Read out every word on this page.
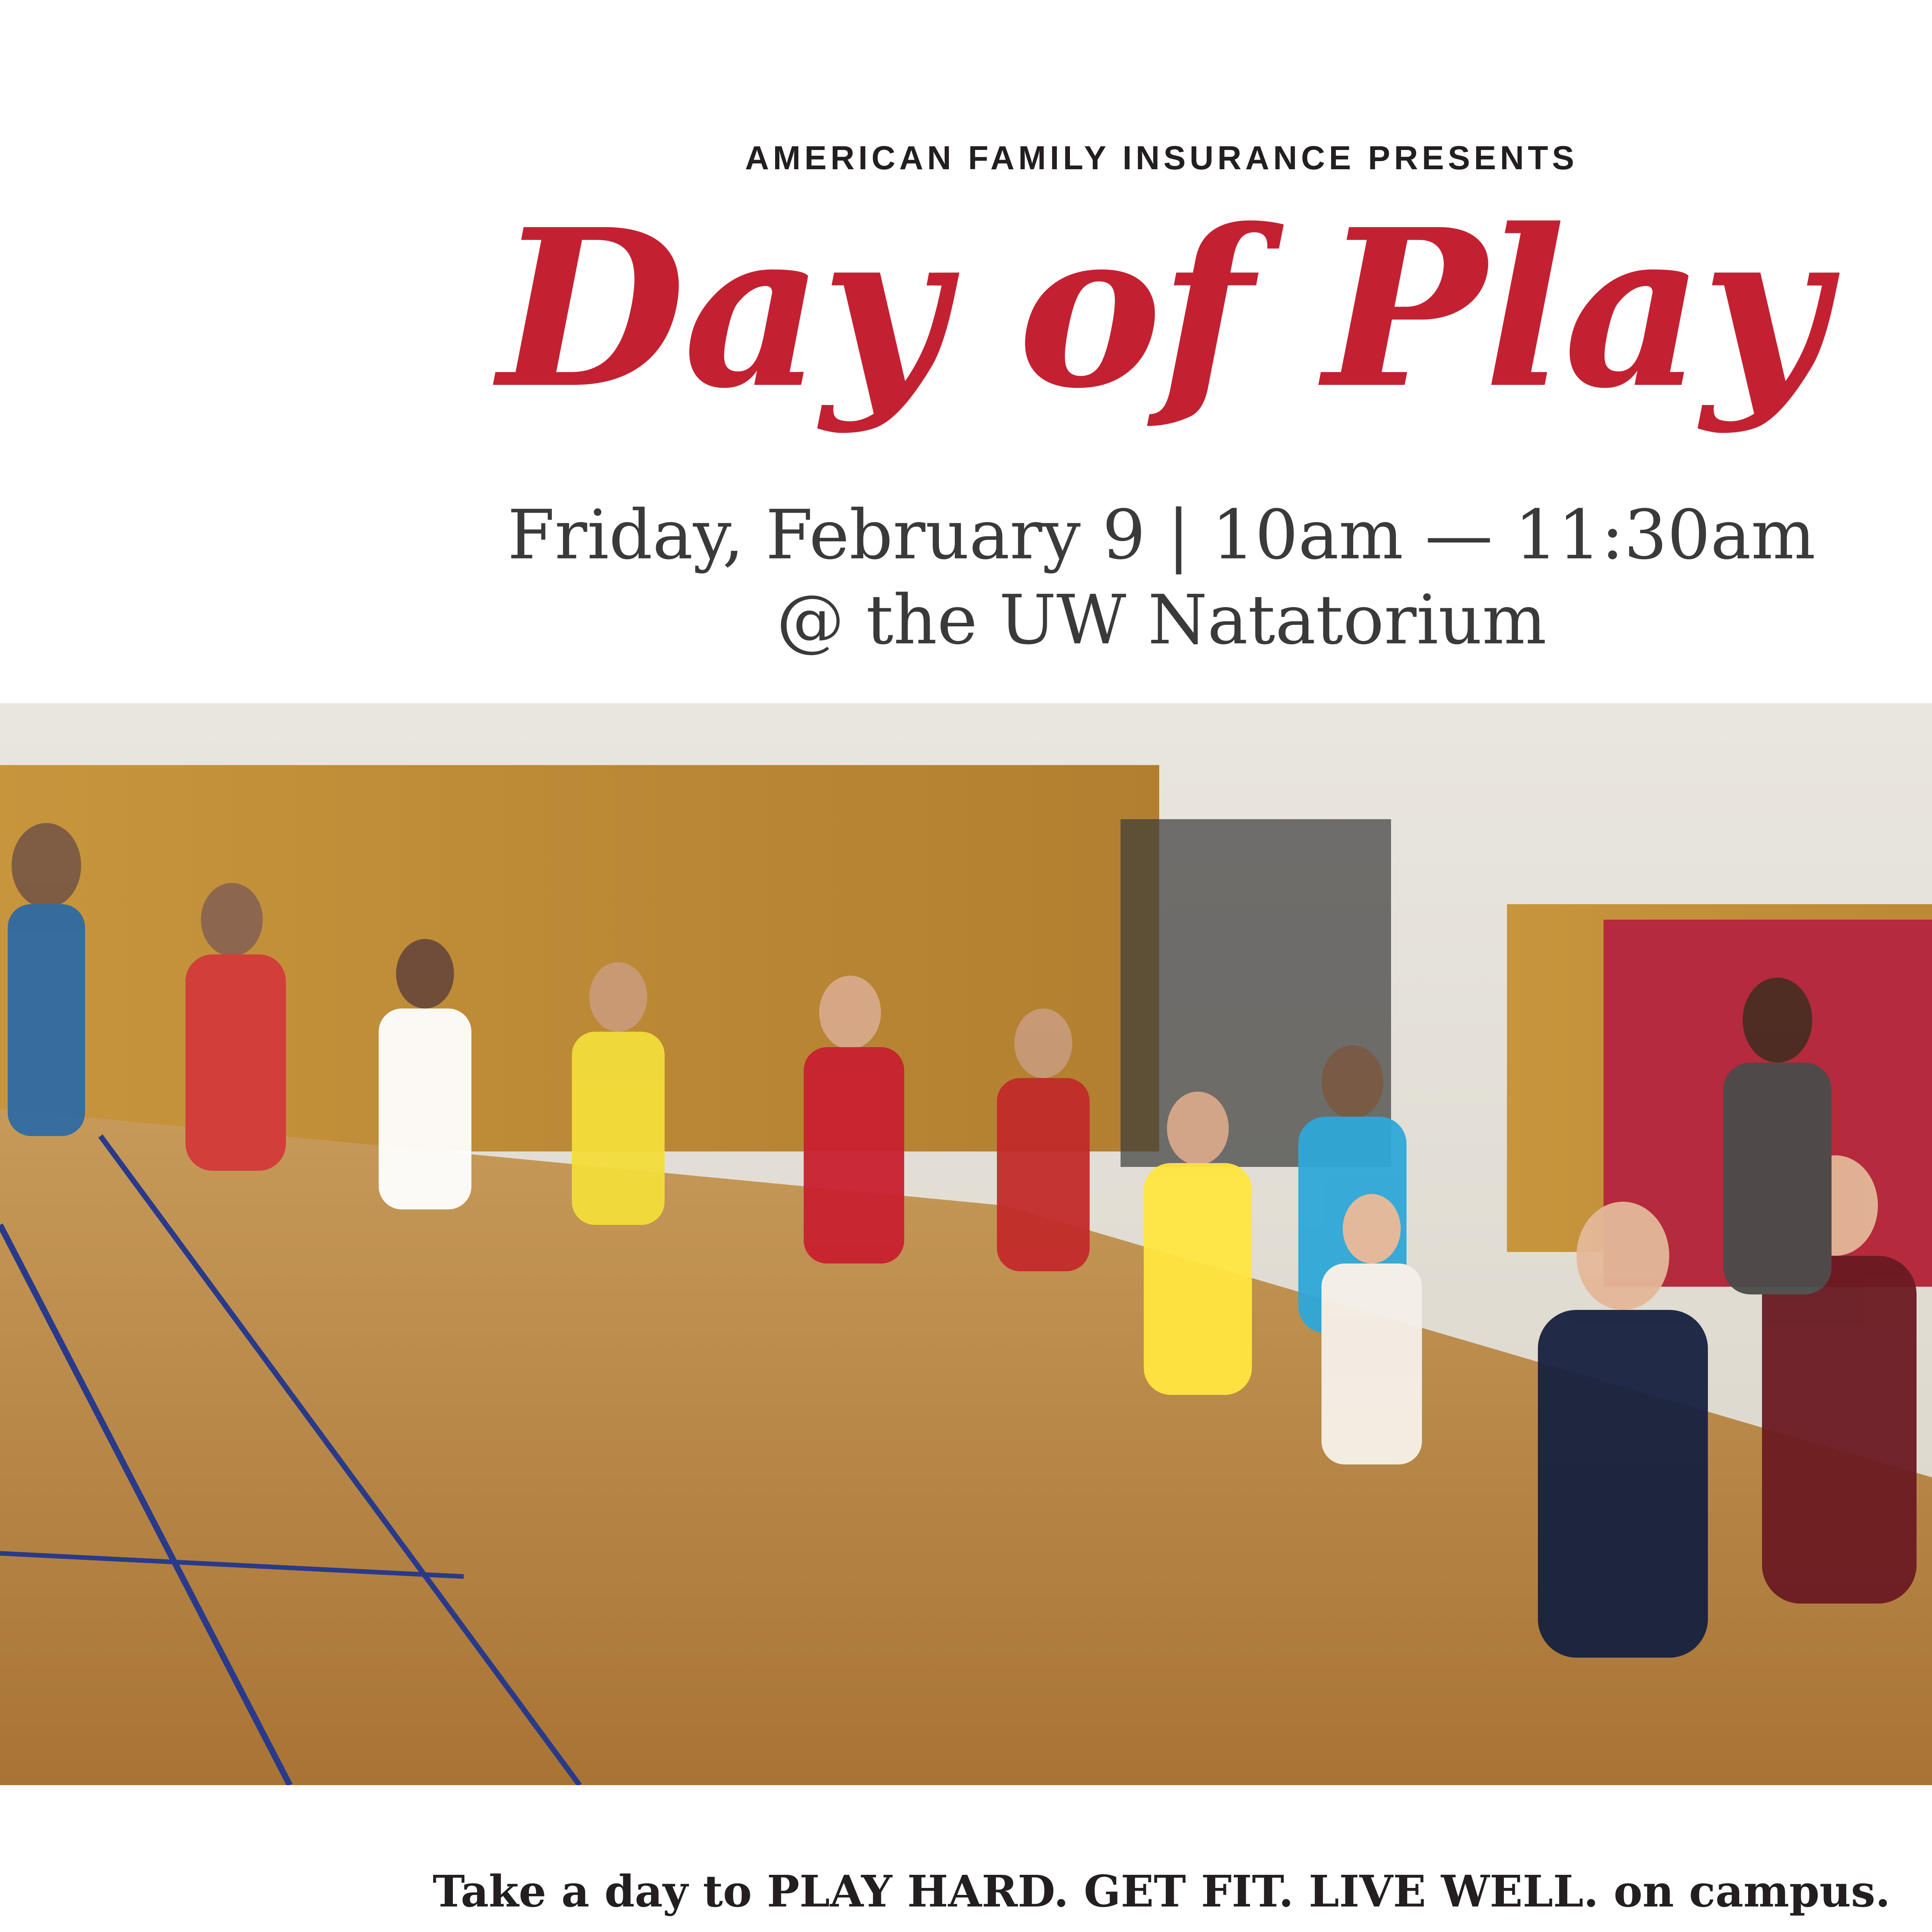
AMERICAN FAMILY INSURANCE PRESENTS
Day of Play
Friday, February 9 | 10am — 11:30am
@ the UW Natatorium
Take a day to PLAY HARD. GET FIT. LIVE WELL. on campus.
